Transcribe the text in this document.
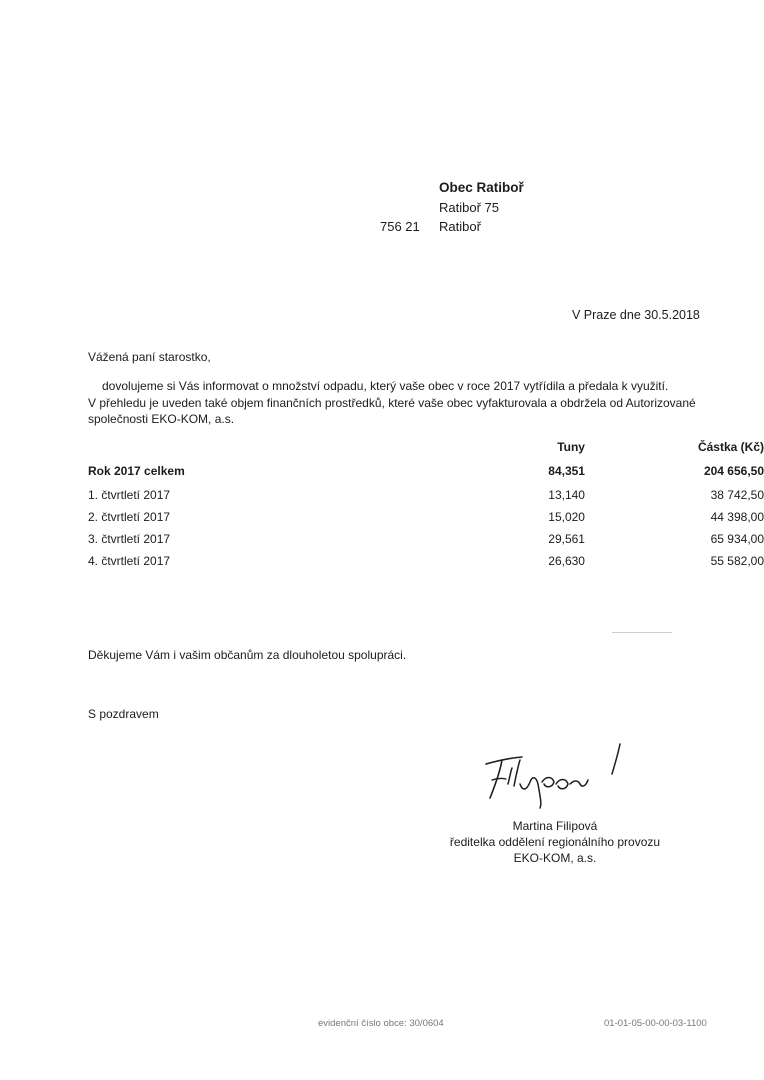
Obec Ratiboř
Ratiboř 75
756 21 Ratiboř
V Praze dne 30.5.2018
Vážená paní starostko,
dovolujeme si Vás informovat o množství odpadu, který vaše obec v roce 2017 vytřídila a předala k využití.
V přehledu je uveden také objem finančních prostředků, které vaše obec vyfakturovala a obdržela od Autorizované
společnosti EKO-KOM, a.s.
	Tuny	Částka (Kč)
Rok 2017 celkem	84,351	204 656,50
1. čtvrtletí 2017	13,140	38 742,50
2. čtvrtletí 2017	15,020	44 398,00
3. čtvrtletí 2017	29,561	65 934,00
4. čtvrtletí 2017	26,630	55 582,00
Děkujeme Vám i vašim občanům za dlouholetou spolupráci.
S pozdravem
Martina Filipová
ředitelka oddělení regionálního provozu
EKO-KOM, a.s.
evidenční číslo obce: 30/0604	01-01-05-00-00-03-1100
